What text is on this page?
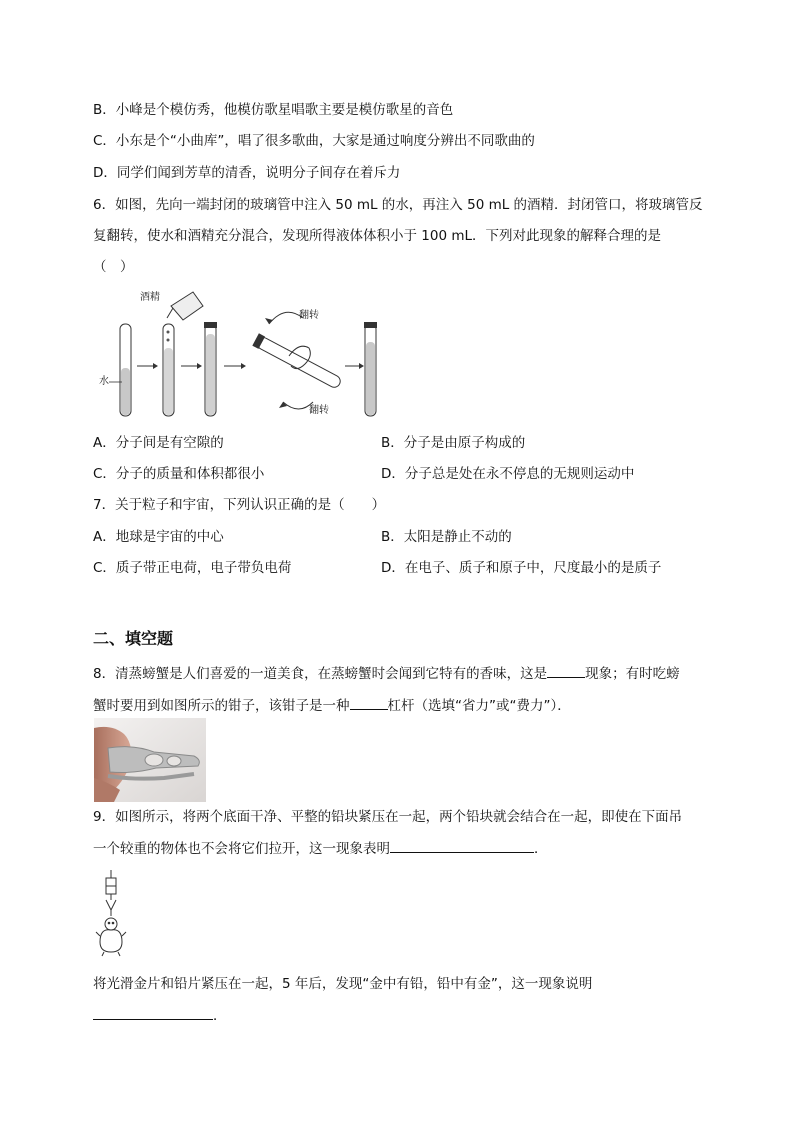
B．小峰是个模仿秀，他模仿歌星唱歌主要是模仿歌星的音色
C．小东是个“小曲库”，唱了很多歌曲，大家是通过响度分辨出不同歌曲的
D．同学们闻到芳草的清香，说明分子间存在着斥力
6．如图，先向一端封闭的玻璃管中注入 50 mL 的水，再注入 50 mL 的酒精．封闭管口，将玻璃管反
复翻转，使水和酒精充分混合，发现所得液体体积小于 100 mL．下列对此现象的解释合理的是
（　）
酒精
水
翻转
翻转
A．分子间是有空隙的	B．分子是由原子构成的
C．分子的质量和体积都很小	D．分子总是处在永不停息的无规则运动中
7．关于粒子和宇宙，下列认识正确的是（　　）
A．地球是宇宙的中心	B．太阳是静止不动的
C．质子带正电荷，电子带负电荷	D．在电子、质子和原子中，尺度最小的是质子
二、填空题
8．清蒸螃蟹是人们喜爱的一道美食，在蒸螃蟹时会闻到它特有的香味，这是	现象；有时吃螃
蟹时要用到如图所示的钳子，该钳子是一种	杠杆（选填“省力”或“费力”）．
9．如图所示，将两个底面干净、平整的铅块紧压在一起，两个铅块就会结合在一起，即使在下面吊
一个较重的物体也不会将它们拉开，这一现象表明	．
将光滑金片和铅片紧压在一起，5 年后，发现“金中有铅，铅中有金”，这一现象说明
．
